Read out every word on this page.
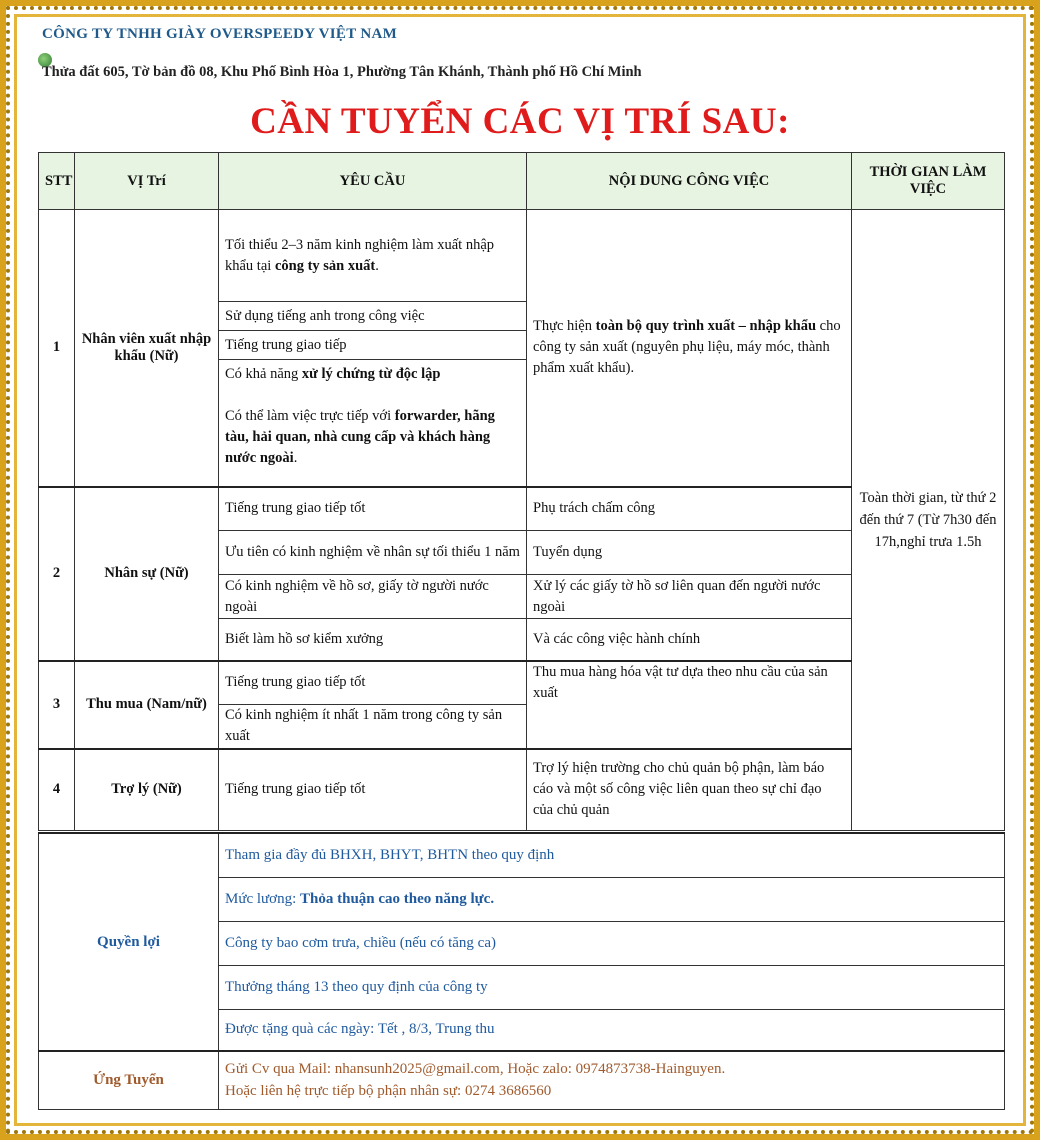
CÔNG TY TNHH GIÀY OVERSPEEDY VIỆT NAM
Thửa đất 605, Tờ bản đồ 08, Khu Phố Bình Hòa 1, Phường Tân Khánh, Thành phố Hồ Chí Minh
CẦN TUYỂN CÁC VỊ TRÍ SAU:
STT	VỊ Trí	YÊU CẦU	NỘI DUNG CÔNG VIỆC	THỜI GIAN LÀM VIỆC
1	Nhân viên xuất nhập khẩu (Nữ)	Tối thiểu 2–3 năm kinh nghiệm làm xuất nhập khẩu tại công ty sản xuất.	Thực hiện toàn bộ quy trình xuất – nhập khẩu cho công ty sản xuất (nguyên phụ liệu, máy móc, thành phẩm xuất khẩu).	Toàn thời gian, từ thứ 2 đến thứ 7 (Từ 7h30 đến 17h,nghỉ trưa 1.5h
		Sử dụng tiếng anh trong công việc		
		Tiếng trung giao tiếp		
		Có khả năng xử lý chứng từ độc lập		
		Có thể làm việc trực tiếp với forwarder, hãng tàu, hải quan, nhà cung cấp và khách hàng nước ngoài.		
2	Nhân sự (Nữ)	Tiếng trung giao tiếp tốt	Phụ trách chấm công	
		Ưu tiên có kinh nghiệm về nhân sự tối thiểu 1 năm	Tuyển dụng	
		Có kinh nghiệm về hồ sơ, giấy tờ người nước ngoài	Xử lý các giấy tờ hồ sơ liên quan đến người nước ngoài	
		Biết làm hồ sơ kiểm xưởng	Và các công việc hành chính	
3	Thu mua (Nam/nữ)	Tiếng trung giao tiếp tốt	Thu mua hàng hóa vật tư dựa theo nhu cầu của sản xuất	
		Có kinh nghiệm ít nhất 1 năm trong công ty sản xuất		
4	Trợ lý (Nữ)	Tiếng trung giao tiếp tốt	Trợ lý hiện trường cho chủ quản bộ phận, làm báo cáo và một số công việc liên quan theo sự chỉ đạo của chủ quản	
Quyền lợi	Tham gia đầy đủ BHXH, BHYT, BHTN theo quy định
	Mức lương: Thỏa thuận cao theo năng lực.
	Công ty bao cơm trưa, chiều (nếu có tăng ca)
	Thưởng tháng 13 theo quy định của công ty
	Được tặng quà các ngày: Tết , 8/3, Trung thu
Ứng Tuyển	Gửi Cv qua Mail: nhansunh2025@gmail.com, Hoặc zalo: 0974873738-Hainguyen.
Hoặc liên hệ trực tiếp bộ phận nhân sự: 0274 3686560
